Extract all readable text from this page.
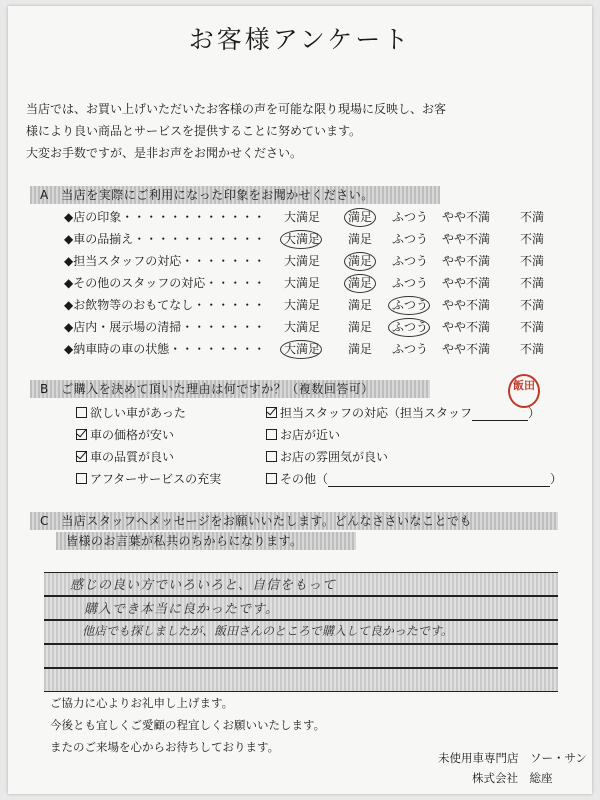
お客様アンケート

当店では、お買い上げいただいたお客様の声を可能な限り現場に反映し、お客

様により良い商品とサービスを提供することに努めています。

大変お手数ですが、是非お声をお聞かせください。

A　当店を実際にご利用になった印象をお聞かせください。
◆店の印象・・・・・・・・・・・・ 大満足 満足 ふつう やや不満 不満
◆車の品揃え・・・・・・・・・・・ 大満足 満足 ふつう やや不満 不満
◆担当スタッフの対応・・・・・・・ 大満足 満足 ふつう やや不満 不満
◆その他のスタッフの対応・・・・・ 大満足 満足 ふつう やや不満 不満
◆お飲物等のおもてなし・・・・・・ 大満足 満足 ふつう やや不満 不満
◆店内・展示場の清掃・・・・・・・ 大満足 満足 ふつう やや不満 不満
◆納車時の車の状態・・・・・・・・ 大満足 満足 ふつう やや不満 不満
B　ご購入を決めて頂いた理由は何ですか？（複数回答可）	飯田
欲しい車があった
車の価格が安い
車の品質が良い
アフターサービスの充実
担当スタッフの対応（担当スタッフ	）
お店が近い
お店の雰囲気が良い
その他（	）
C　当店スタッフへメッセージをお願いいたします。どんなささいなことでも
皆様のお言葉が私共のちからになります。
感じの良い方でいろいろと、自信をもって
購入でき本当に良かったです。
他店でも探しましたが、飯田さんのところで購入して良かったです。

ご協力に心よりお礼申し上げます。

今後とも宜しくご愛顧の程宜しくお願いいたします。

またのご来場を心からお待ちしております。

未使用車専門店　ソー・サン

株式会社　総座
